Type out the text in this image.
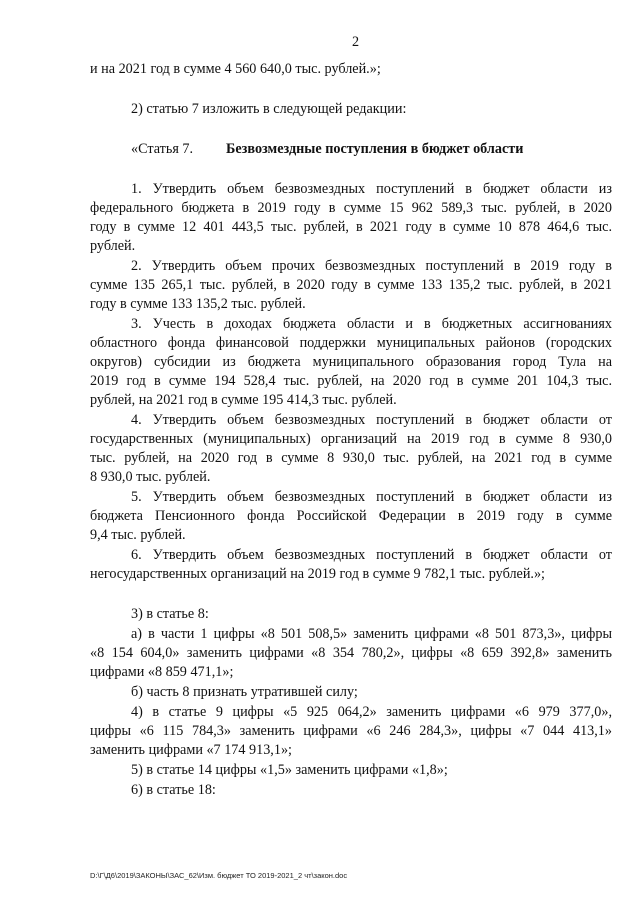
2
и на 2021 год в сумме 4 560 640,0 тыс. рублей.»;
2) статью 7 изложить в следующей редакции:
«Статья 7. Безвозмездные поступления в бюджет области
1. Утвердить объем безвозмездных поступлений в бюджет области из
федерального бюджета в 2019 году в сумме 15 962 589,3 тыс. рублей, в 2020
году в сумме 12 401 443,5 тыс. рублей, в 2021 году в сумме 10 878 464,6 тыс.
рублей.
2. Утвердить объем прочих безвозмездных поступлений в 2019 году в
сумме 135 265,1 тыс. рублей, в 2020 году в сумме 133 135,2 тыс. рублей, в 2021
году в сумме 133 135,2 тыс. рублей.
3. Учесть в доходах бюджета области и в бюджетных ассигнованиях
областного фонда финансовой поддержки муниципальных районов (городских
округов) субсидии из бюджета муниципального образования город Тула на
2019 год в сумме 194 528,4 тыс. рублей, на 2020 год в сумме 201 104,3 тыс.
рублей, на 2021 год в сумме 195 414,3 тыс. рублей.
4. Утвердить объем безвозмездных поступлений в бюджет области от
государственных (муниципальных) организаций на 2019 год в сумме 8 930,0
тыс. рублей, на 2020 год в сумме 8 930,0 тыс. рублей, на 2021 год в сумме
8 930,0 тыс. рублей.
5. Утвердить объем безвозмездных поступлений в бюджет области из
бюджета Пенсионного фонда Российской Федерации в 2019 году в сумме
9,4 тыс. рублей.
6. Утвердить объем безвозмездных поступлений в бюджет области от
негосударственных организаций на 2019 год в сумме 9 782,1 тыс. рублей.»;
3) в статье 8:
а) в части 1 цифры «8 501 508,5» заменить цифрами «8 501 873,3», цифры
«8 154 604,0» заменить цифрами «8 354 780,2», цифры «8 659 392,8» заменить
цифрами «8 859 471,1»;
б) часть 8 признать утратившей силу;
4) в статье 9 цифры «5 925 064,2» заменить цифрами «6 979 377,0»,
цифры «6 115 784,3» заменить цифрами «6 246 284,3», цифры «7 044 413,1»
заменить цифрами «7 174 913,1»;
5) в статье 14 цифры «1,5» заменить цифрами «1,8»;
6) в статье 18:
D:\Г\Д6\2019\ЗАКОНЫ\ЗАС_62\Изм. бюджет ТО 2019-2021_2 чт\закон.doc
